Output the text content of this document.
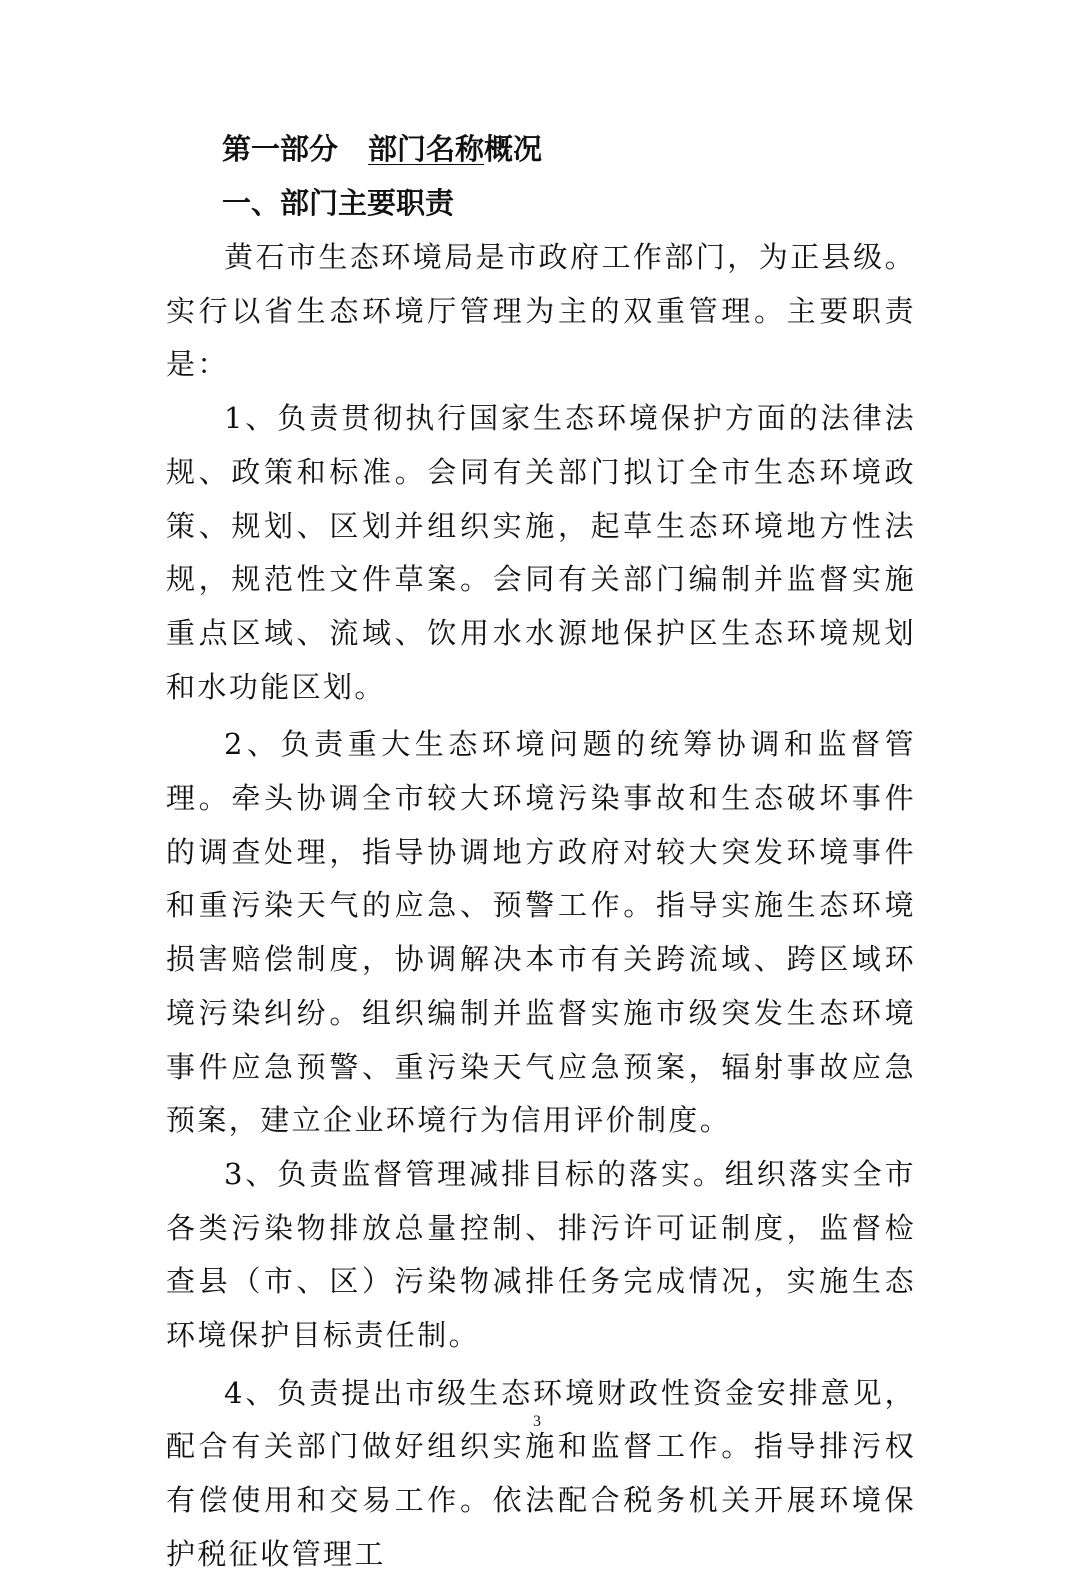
第一部分 部门名称概况
一、部门主要职责

黄石市生态环境局是市政府工作部门，为正县级。实行以省生态环境厅管理为主的双重管理。主要职责是：

1、负责贯彻执行国家生态环境保护方面的法律法规、政策和标准。会同有关部门拟订全市生态环境政策、规划、区划并组织实施，起草生态环境地方性法规，规范性文件草案。会同有关部门编制并监督实施重点区域、流域、饮用水水源地保护区生态环境规划和水功能区划。

2、负责重大生态环境问题的统筹协调和监督管理。牵头协调全市较大环境污染事故和生态破坏事件的调查处理，指导协调地方政府对较大突发环境事件和重污染天气的应急、预警工作。指导实施生态环境损害赔偿制度，协调解决本市有关跨流域、跨区域环境污染纠纷。组织编制并监督实施市级突发生态环境事件应急预警、重污染天气应急预案，辐射事故应急预案，建立企业环境行为信用评价制度。

3、负责监督管理减排目标的落实。组织落实全市各类污染物排放总量控制、排污许可证制度，监督检查县（市、区）污染物减排任务完成情况，实施生态环境保护目标责任制。

4、负责提出市级生态环境财政性资金安排意见，配合有关部门做好组织实施和监督工作。指导排污权有偿使用和交易工作。依法配合税务机关开展环境保护税征收管理工

3
